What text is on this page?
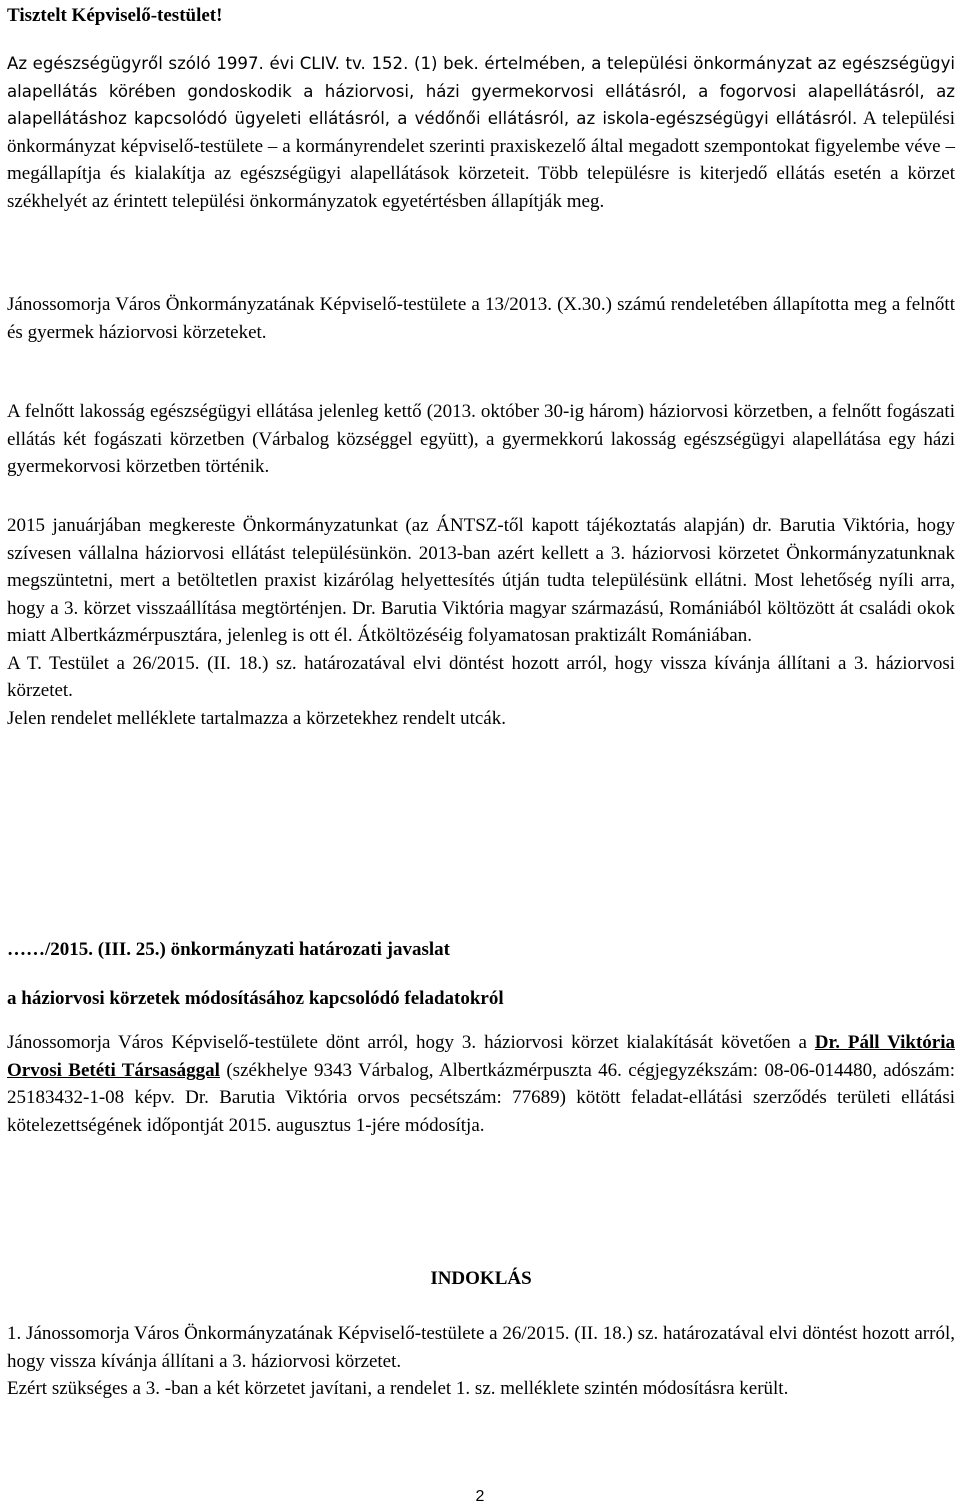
Tisztelt Képviselő-testület!

Az egészségügyről szóló 1997. évi CLIV. tv. 152. (1) bek. értelmében, a települési önkormányzat az egészségügyi alapellátás körében gondoskodik a háziorvosi, házi gyermekorvosi ellátásról, a fogorvosi alapellátásról, az alapellátáshoz kapcsolódó ügyeleti ellátásról, a védőnői ellátásról, az iskola-egészségügyi ellátásról. A települési önkormányzat képviselő-testülete – a kormányrendelet szerinti praxiskezelő által megadott szempontokat figyelembe véve – megállapítja és kialakítja az egészségügyi alapellátások körzeteit. Több településre is kiterjedő ellátás esetén a körzet székhelyét az érintett települési önkormányzatok egyetértésben állapítják meg.

Jánossomorja Város Önkormányzatának Képviselő-testülete a 13/2013. (X.30.) számú rendeletében állapította meg a felnőtt és gyermek háziorvosi körzeteket.

A felnőtt lakosság egészségügyi ellátása jelenleg kettő (2013. október 30-ig három) háziorvosi körzetben, a felnőtt fogászati ellátás két fogászati körzetben (Várbalog községgel együtt), a gyermekkorú lakosság egészségügyi alapellátása egy házi gyermekorvosi körzetben történik.

2015 januárjában megkereste Önkormányzatunkat (az ÁNTSZ-től kapott tájékoztatás alapján) dr. Barutia Viktória, hogy szívesen vállalna háziorvosi ellátást településünkön. 2013-ban azért kellett a 3. háziorvosi körzetet Önkormányzatunknak megszüntetni, mert a betöltetlen praxist kizárólag helyettesítés útján tudta településünk ellátni. Most lehetőség nyíli arra, hogy a 3. körzet visszaállítása megtörténjen. Dr. Barutia Viktória magyar származású, Romániából költözött át családi okok miatt Albertkázmérpusztára, jelenleg is ott él. Átköltözéséig folyamatosan praktizált Romániában.
A T. Testület a 26/2015. (II. 18.) sz. határozatával elvi döntést hozott arról, hogy vissza kívánja állítani a 3. háziorvosi körzetet.
Jelen rendelet melléklete tartalmazza a körzetekhez rendelt utcák.

……/2015. (III. 25.) önkormányzati határozati javaslat

a háziorvosi körzetek módosításához kapcsolódó feladatokról

Jánossomorja Város Képviselő-testülete dönt arról, hogy 3. háziorvosi körzet kialakítását követően a Dr. Páll Viktória Orvosi Betéti Társasággal (székhelye 9343 Várbalog, Albertkázmérpuszta 46. cégjegyzékszám: 08-06-014480, adószám: 25183432-1-08 képv. Dr. Barutia Viktória orvos pecsétszám: 77689) kötött feladat-ellátási szerződés területi ellátási kötelezettségének időpontját 2015. augusztus 1-jére módosítja.

INDOKLÁS

1. Jánossomorja Város Önkormányzatának Képviselő-testülete a 26/2015. (II. 18.) sz. határozatával elvi döntést hozott arról, hogy vissza kívánja állítani a 3. háziorvosi körzetet.
Ezért szükséges a 3. -ban a két körzetet javítani, a rendelet 1. sz. melléklete szintén módosításra került.

2
